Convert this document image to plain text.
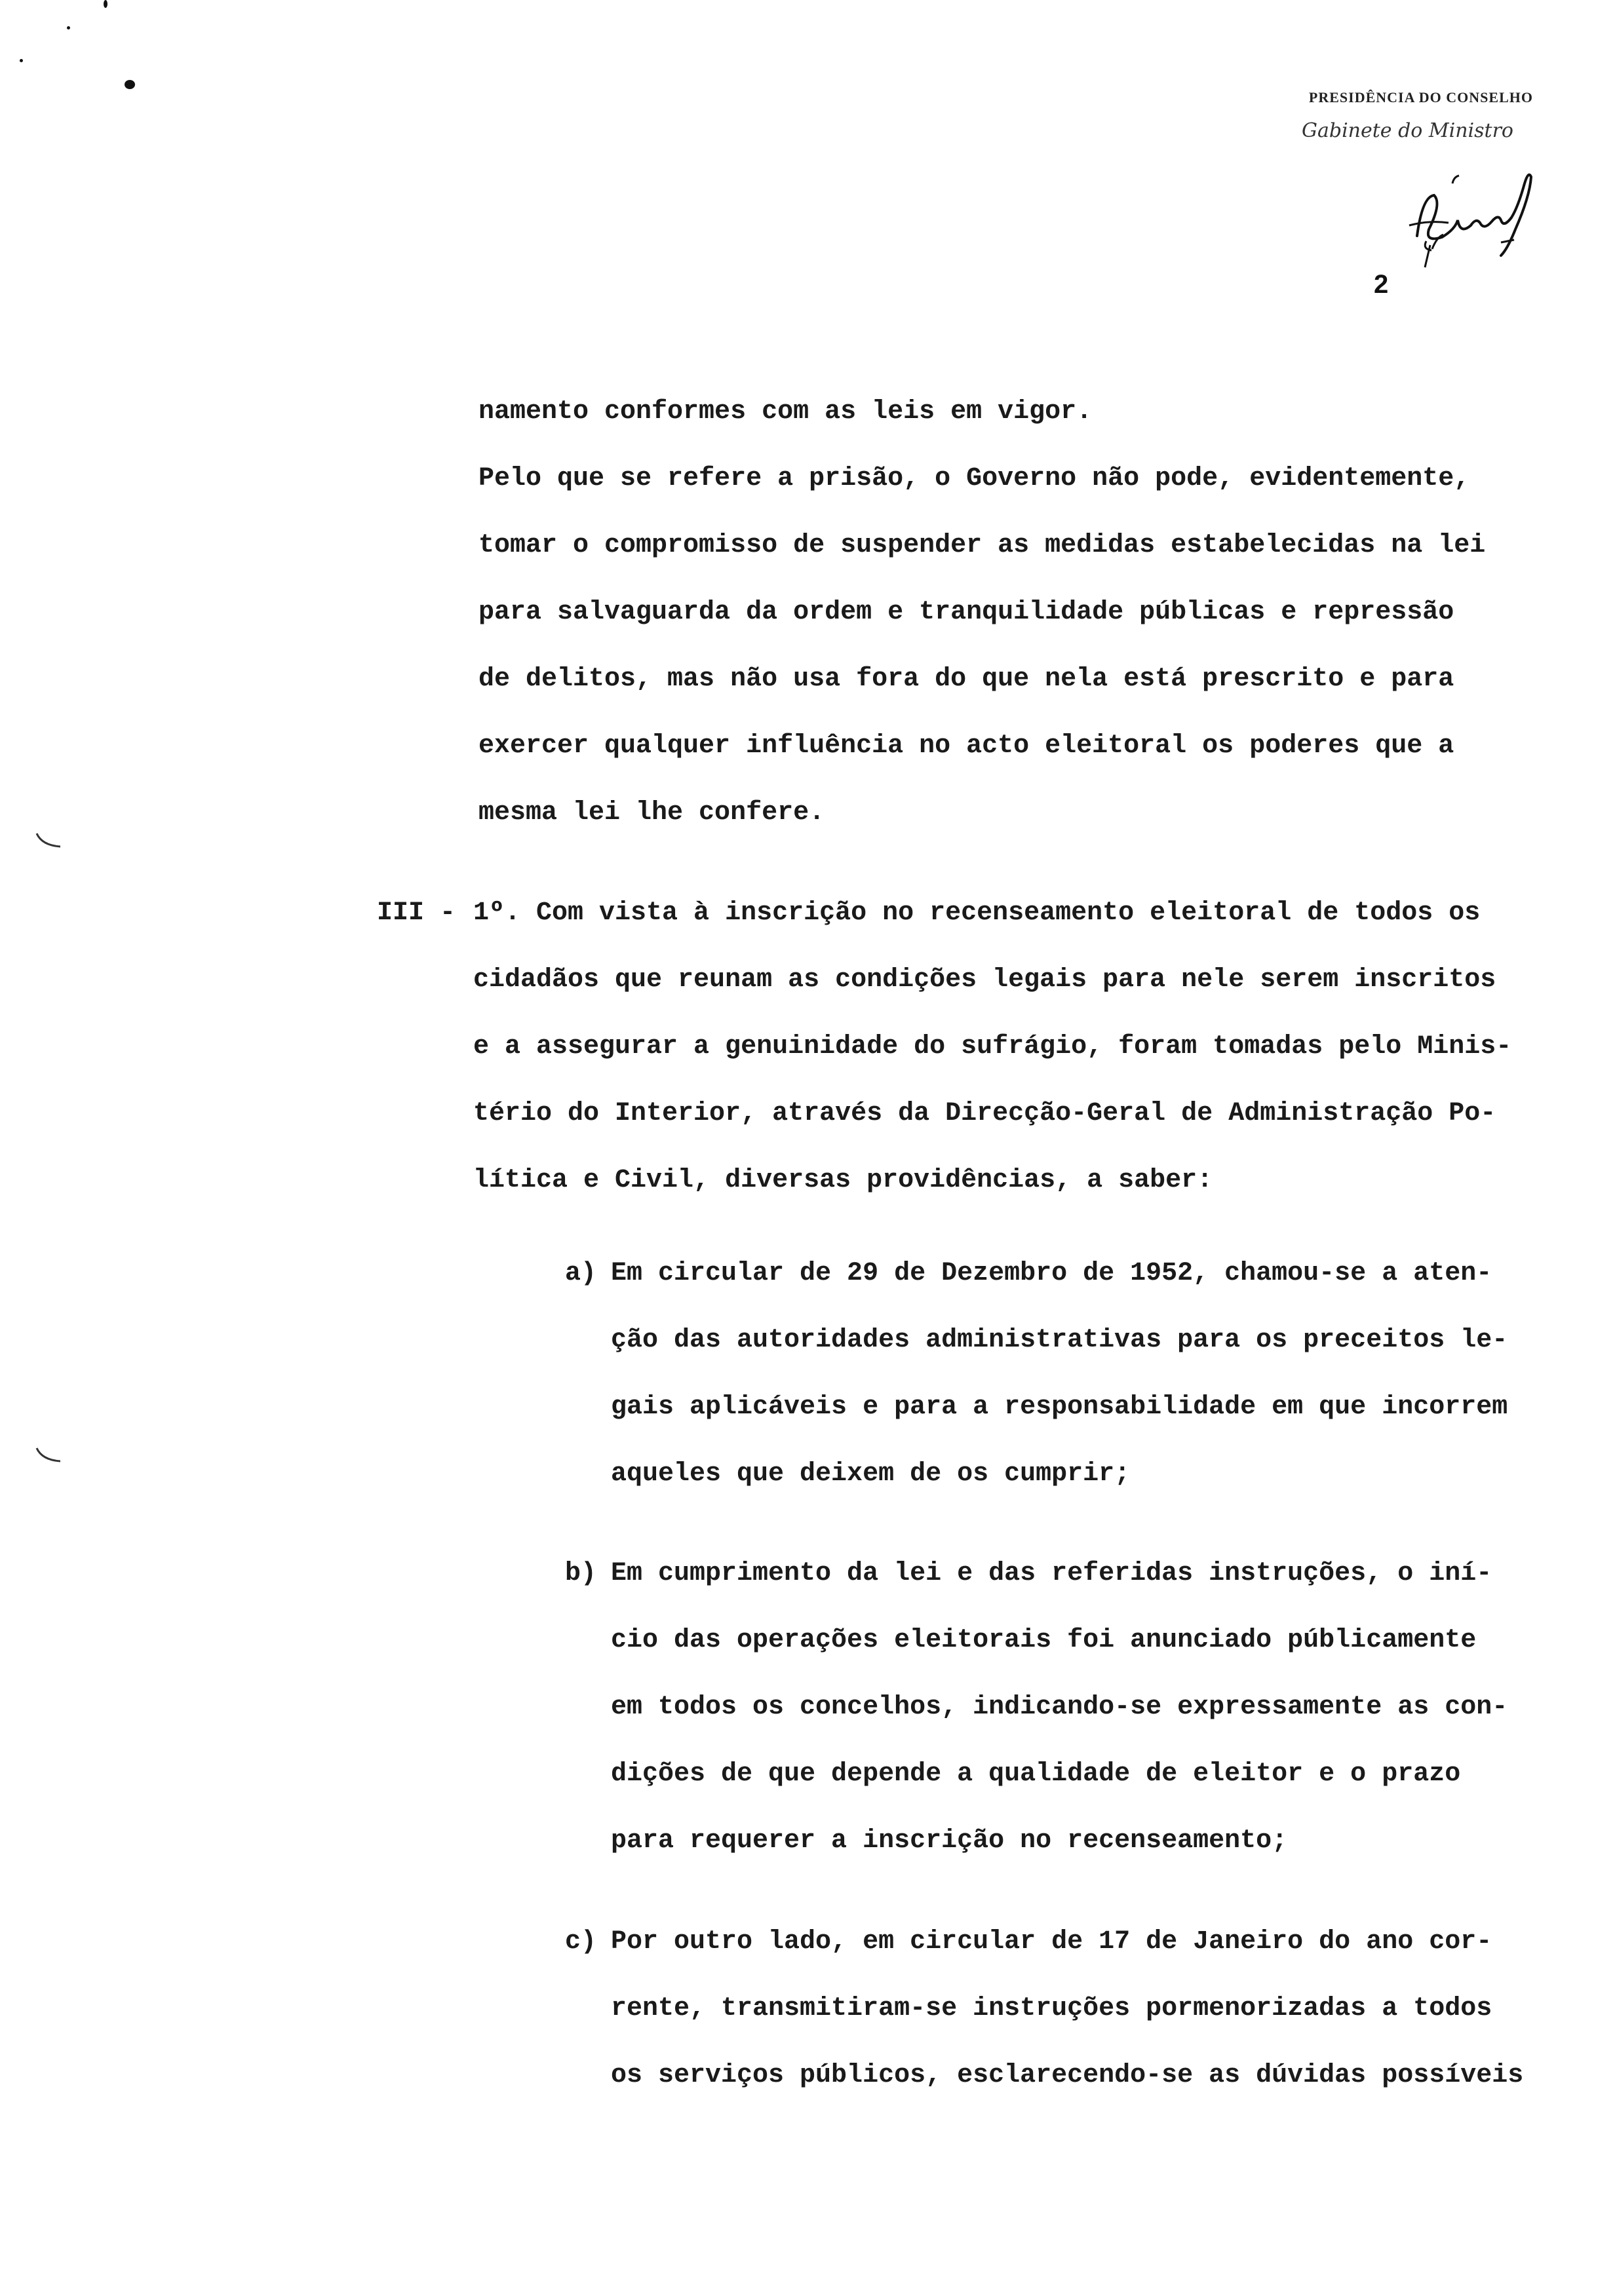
PRESIDÊNCIA DO CONSELHO
Gabinete do Ministro
2
namento conformes com as leis em vigor.
Pelo que se refere a prisão, o Governo não pode, evidentemente,
tomar o compromisso de suspender as medidas estabelecidas na lei
para salvaguarda da ordem e tranquilidade públicas e repressão
de delitos, mas não usa fora do que nela está prescrito e para
exercer qualquer influência no acto eleitoral os poderes que a
mesma lei lhe confere.
III - 1º. Com vista à inscrição no recenseamento eleitoral de todos os
cidadãos que reunam as condições legais para nele serem inscritos
e a assegurar a genuinidade do sufrágio, foram tomadas pelo Minis-
tério do Interior, através da Direcção-Geral de Administração Po-
lítica e Civil, diversas providências, a saber:
a) Em circular de 29 de Dezembro de 1952, chamou-se a aten-
ção das autoridades administrativas para os preceitos le-
gais aplicáveis e para a responsabilidade em que incorrem
aqueles que deixem de os cumprir;
b) Em cumprimento da lei e das referidas instruções, o iní-
cio das operações eleitorais foi anunciado públicamente
em todos os concelhos, indicando-se expressamente as con-
dições de que depende a qualidade de eleitor e o prazo
para requerer a inscrição no recenseamento;
c) Por outro lado, em circular de 17 de Janeiro do ano cor-
rente, transmitiram-se instruções pormenorizadas a todos
os serviços públicos, esclarecendo-se as dúvidas possíveis
